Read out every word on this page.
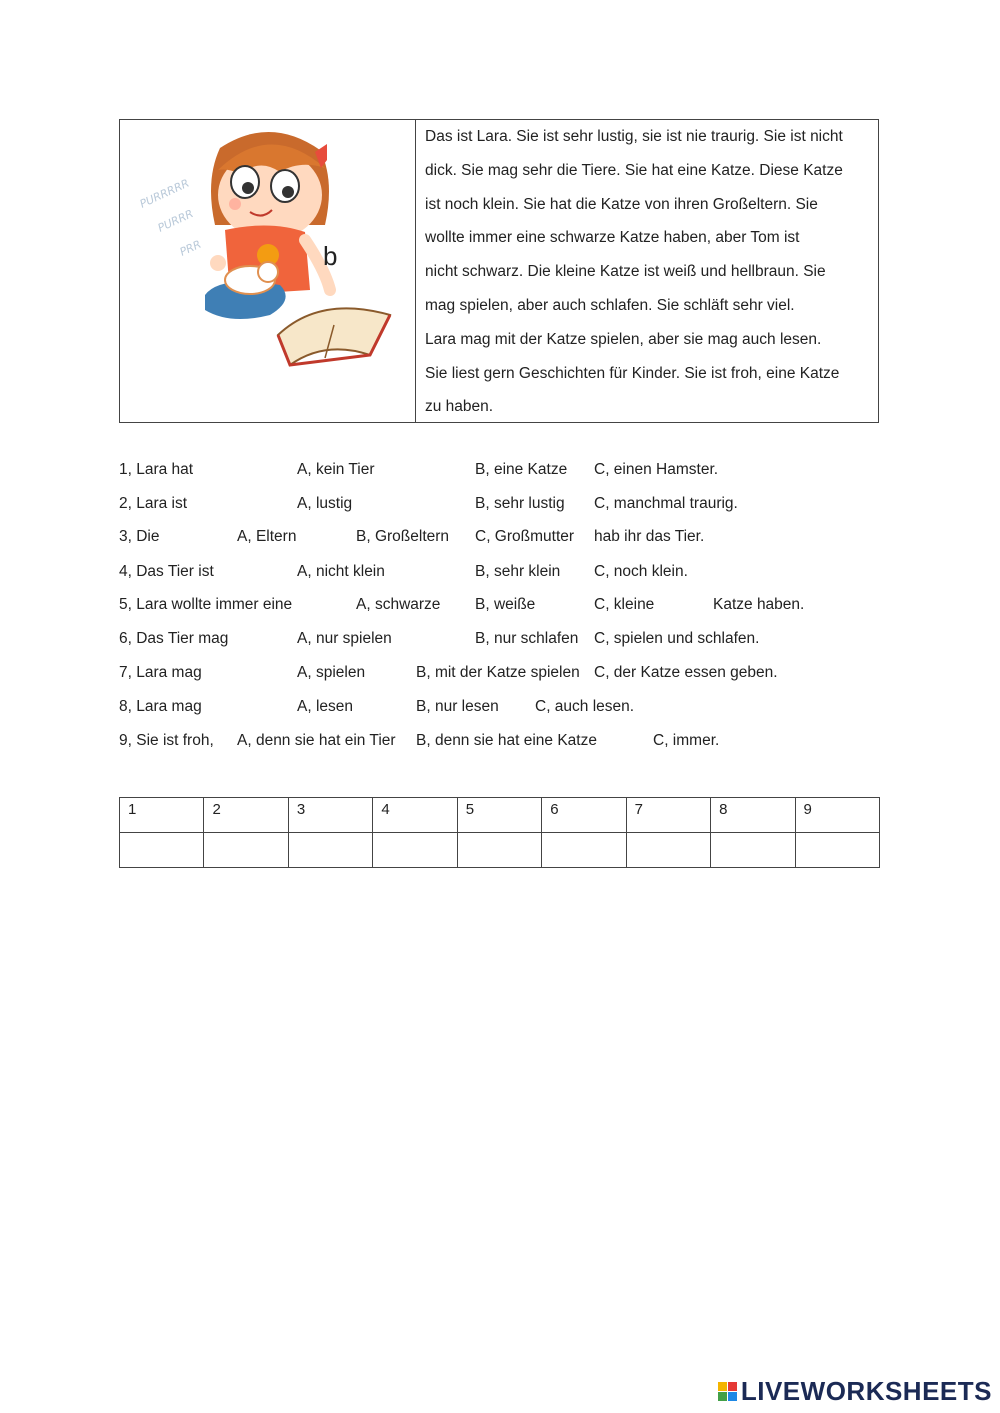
PURRRRR
PURRR
PRR	b

Das ist Lara. Sie ist sehr lustig, sie ist nie traurig. Sie ist nicht

dick. Sie mag sehr die Tiere. Sie hat eine Katze. Diese Katze

ist noch klein. Sie hat die Katze von ihren Großeltern. Sie

wollte immer eine schwarze Katze haben, aber Tom ist

nicht schwarz. Die kleine Katze ist weiß und hellbraun. Sie

mag spielen, aber auch schlafen. Sie schläft sehr viel.

Lara mag mit der Katze spielen, aber sie mag auch lesen.

Sie liest gern Geschichten für Kinder. Sie ist froh, eine Katze

zu haben.

1, Lara hat	A, kein Tier	B, eine Katze C, einen Hamster.
2, Lara ist	A, lustig	B, sehr lustig C, manchmal traurig.
3, Die	A, Eltern	B, Großeltern C, Großmutter hab ihr das Tier.
4, Das Tier ist	A, nicht klein	B, sehr klein C, noch klein.
5, Lara wollte immer eine	A, schwarze B, weiße	C, kleine	Katze haben.
6, Das Tier mag	A, nur spielen	B, nur schlafen C, spielen und schlafen.
7, Lara mag	A, spielen	B, mit der Katze spielen C, der Katze essen geben.
8, Lara mag	A, lesen	B, nur lesen C, auch lesen.
9, Sie ist froh, A, denn sie hat ein Tier B, denn sie hat eine Katze	C, immer.
1	2	3	4	5	6	7	8	9

LIVEWORKSHEETS
